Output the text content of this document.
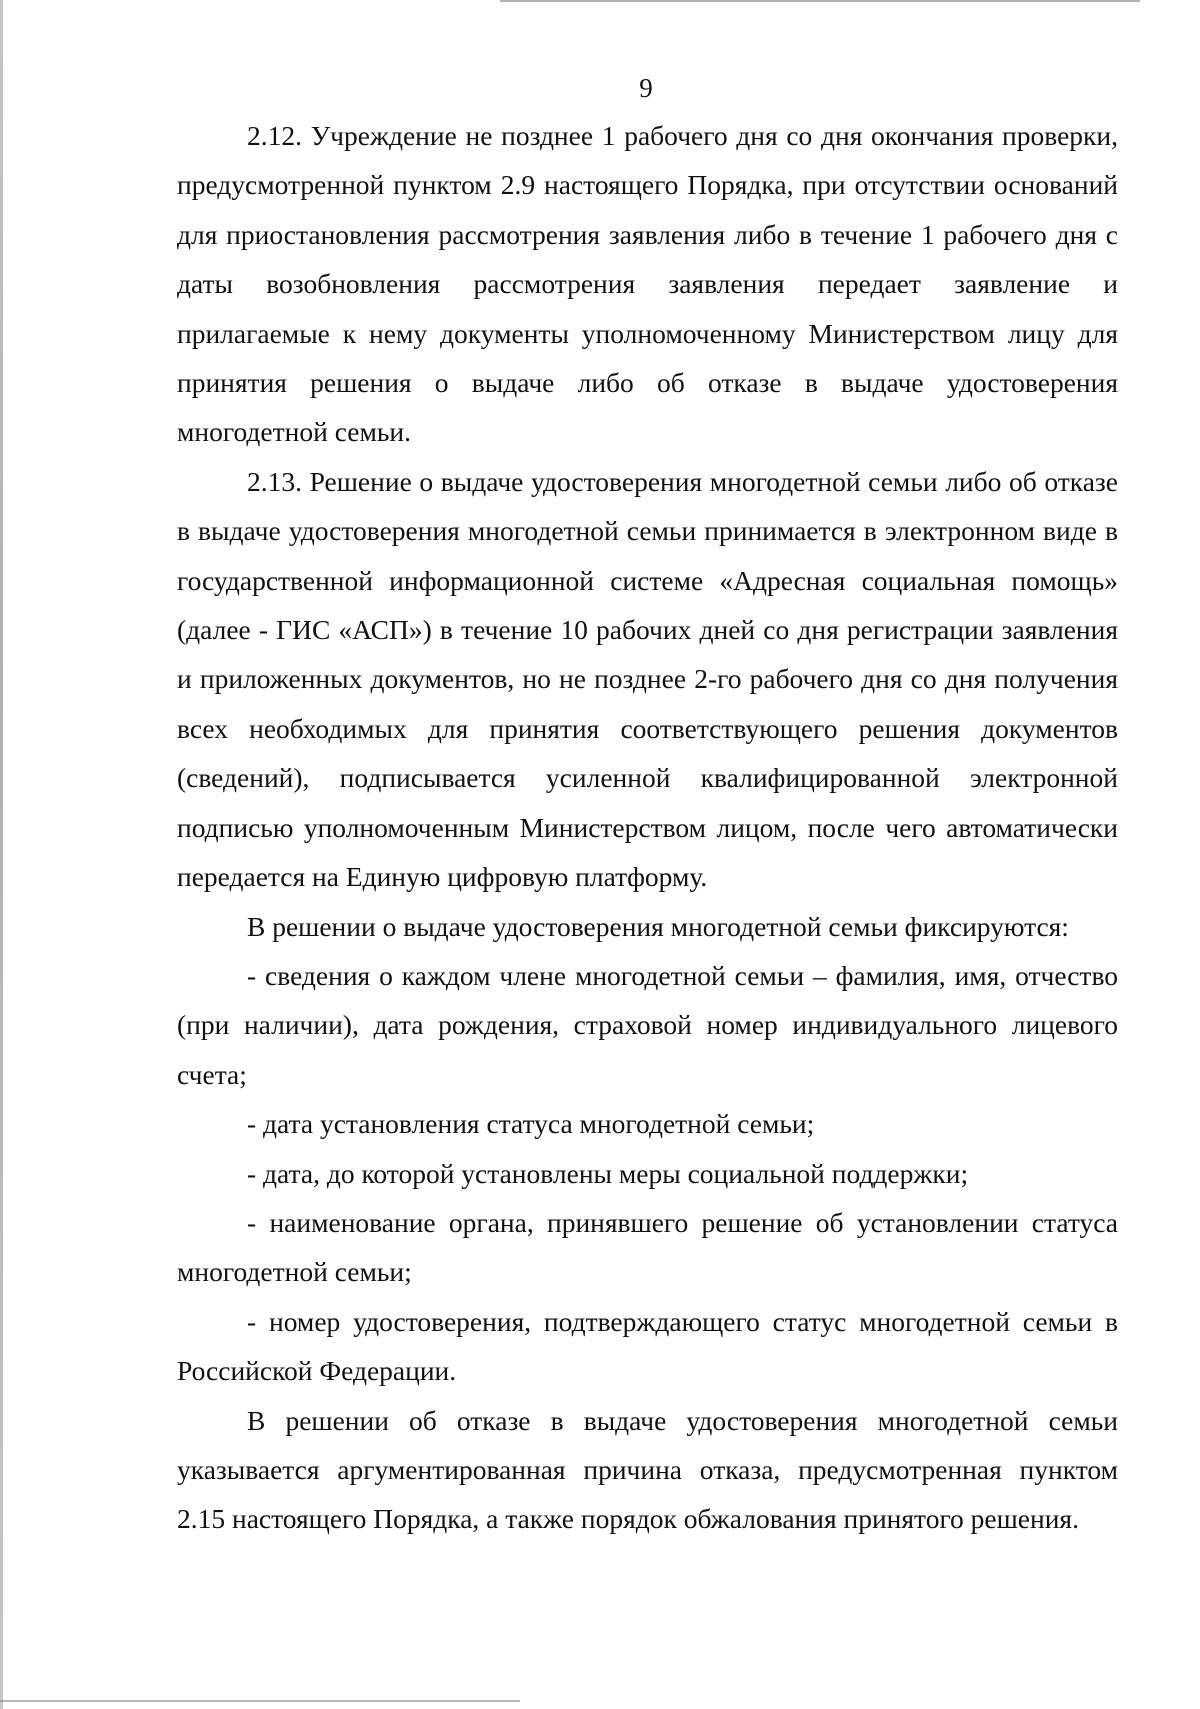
9

2.12. Учреждение не позднее 1 рабочего дня со дня окончания проверки, предусмотренной пунктом 2.9 настоящего Порядка, при отсутствии оснований для приостановления рассмотрения заявления либо в течение 1 рабочего дня с даты возобновления рассмотрения заявления передает заявление и прилагаемые к нему документы уполномоченному Министерством лицу для принятия решения о выдаче либо об отказе в выдаче удостоверения многодетной семьи.

2.13. Решение о выдаче удостоверения многодетной семьи либо об отказе в выдаче удостоверения многодетной семьи принимается в электронном виде в государственной информационной системе «Адресная социальная помощь» (далее - ГИС «АСП») в течение 10 рабочих дней со дня регистрации заявления и приложенных документов, но не позднее 2-го рабочего дня со дня получения всех необходимых для принятия соответствующего решения документов (сведений), подписывается усиленной квалифицированной электронной подписью уполномоченным Министерством лицом, после чего автоматически передается на Единую цифровую платформу.

В решении о выдаче удостоверения многодетной семьи фиксируются:

- сведения о каждом члене многодетной семьи – фамилия, имя, отчество (при наличии), дата рождения, страховой номер индивидуального лицевого счета;

- дата установления статуса многодетной семьи;

- дата, до которой установлены меры социальной поддержки;

- наименование органа, принявшего решение об установлении статуса многодетной семьи;

- номер удостоверения, подтверждающего статус многодетной семьи в Российской Федерации.

В решении об отказе в выдаче удостоверения многодетной семьи указывается аргументированная причина отказа, предусмотренная пунктом 2.15 настоящего Порядка, а также порядок обжалования принятого решения.
